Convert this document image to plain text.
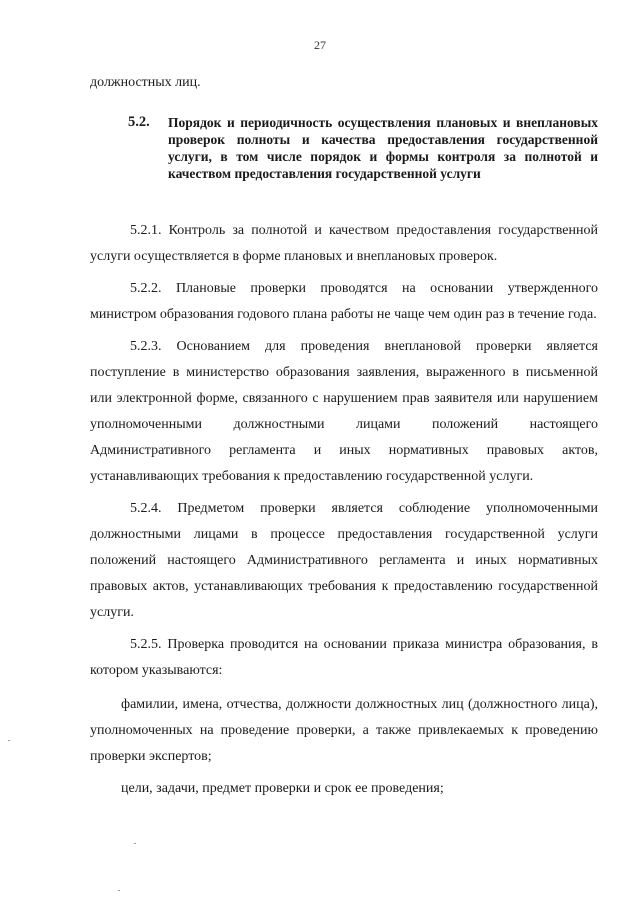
27
должностных лиц.
5.2. Порядок и периодичность осуществления плановых и внеплановых проверок полноты и качества предоставления государственной услуги, в том числе порядок и формы контроля за полнотой и качеством предоставления государственной услуги

5.2.1. Контроль за полнотой и качеством предоставления государственной услуги осуществляется в форме плановых и внеплановых проверок.

5.2.2. Плановые проверки проводятся на основании утвержденного министром образования годового плана работы не чаще чем один раз в течение года.

5.2.3. Основанием для проведения внеплановой проверки является поступление в министерство образования заявления, выраженного в письменной или электронной форме, связанного с нарушением прав заявителя или нарушением уполномоченными должностными лицами положений настоящего Административного регламента и иных нормативных правовых актов, устанавливающих требования к предоставлению государственной услуги.

5.2.4. Предметом проверки является соблюдение уполномоченными должностными лицами в процессе предоставления государственной услуги положений настоящего Административного регламента и иных нормативных правовых актов, устанавливающих требования к предоставлению государственной услуги.

5.2.5. Проверка проводится на основании приказа министра образования, в котором указываются:

фамилии, имена, отчества, должности должностных лиц (должностного лица), уполномоченных на проведение проверки, а также привлекаемых к проведению проверки экспертов;

цели, задачи, предмет проверки и срок ее проведения;
